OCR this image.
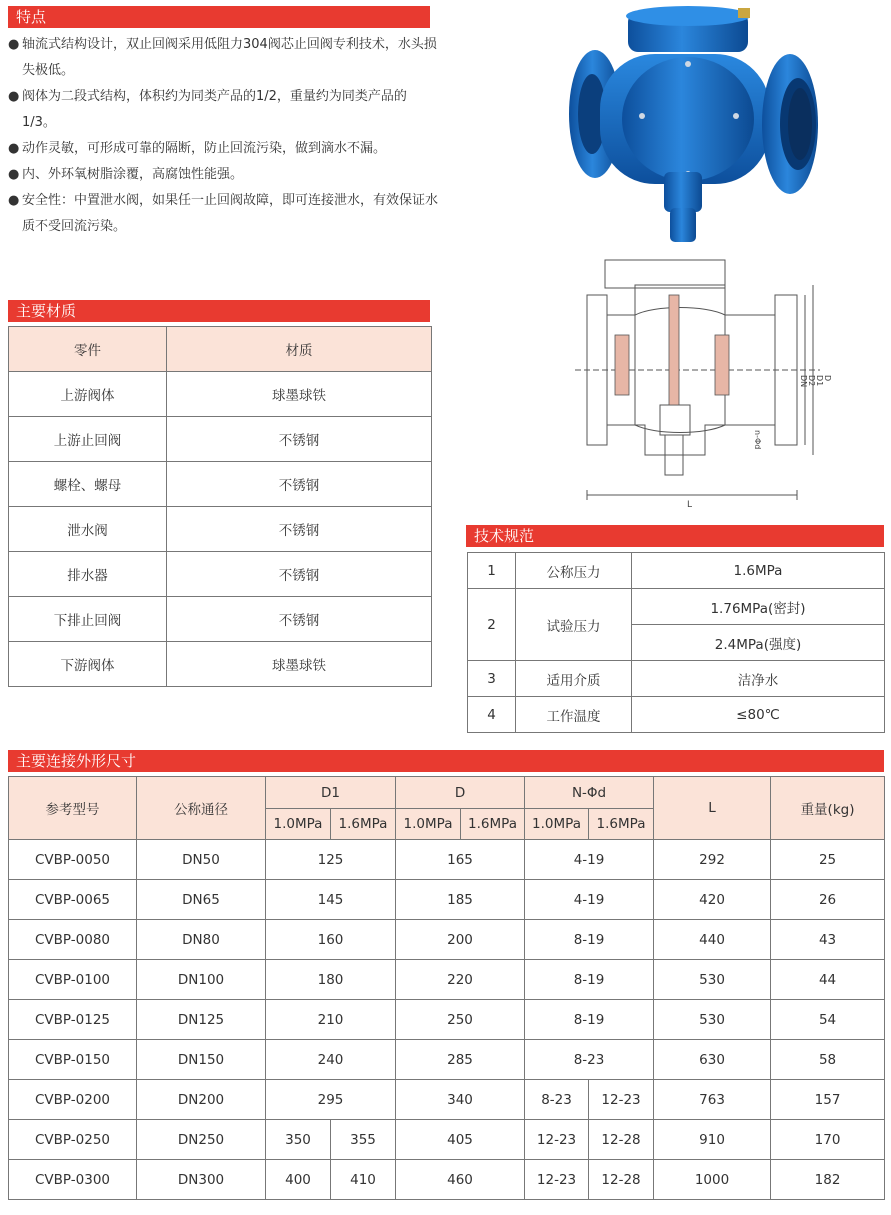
特点
● 轴流式结构设计，双止回阀采用低阻力304阀芯止回阀专利技术，水头损失极低。
● 阀体为二段式结构，体积约为同类产品的1/2，重量约为同类产品的1/3。
● 动作灵敏，可形成可靠的隔断，防止回流污染，做到滴水不漏。
● 内、外环氧树脂涂覆，高腐蚀性能强。
● 安全性：中置泄水阀，如果任一止回阀故障，即可连接泄水，有效保证水质不受回流污染。
L
DN D2 D1 D
n-Φd
主要材质
零件	材质
上游阀体	球墨球铁
上游止回阀	不锈钢
螺栓、螺母	不锈钢
泄水阀	不锈钢
排水器	不锈钢
下排止回阀	不锈钢
下游阀体	球墨球铁
技术规范
1	公称压力	1.6MPa
2	试验压力	1.76MPa(密封)
		2.4MPa(强度)
3	适用介质	洁净水
4	工作温度	≤80℃
主要连接外形尺寸
参考型号	公称通径	D1		D		N-Φd		L	重量(kg)
		1.0MPa	1.6MPa	1.0MPa	1.6MPa	1.0MPa	1.6MPa		
CVBP-0050	DN50	125		165		4-19		292	25
CVBP-0065	DN65	145		185		4-19		420	26
CVBP-0080	DN80	160		200		8-19		440	43
CVBP-0100	DN100	180		220		8-19		530	44
CVBP-0125	DN125	210		250		8-19		530	54
CVBP-0150	DN150	240		285		8-23		630	58
CVBP-0200	DN200	295		340		8-23	12-23	763	157
CVBP-0250	DN250	350	355	405		12-23	12-28	910	170
CVBP-0300	DN300	400	410	460		12-23	12-28	1000	182
